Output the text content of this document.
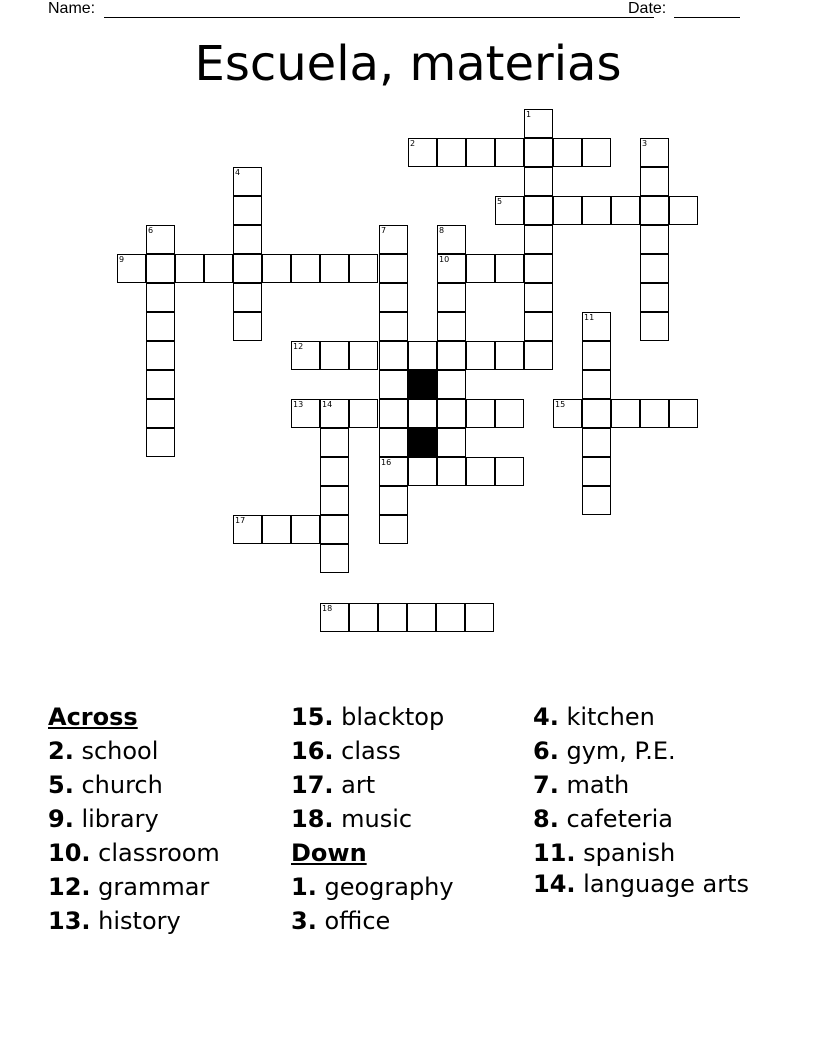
Name:	Date:
Escuela, materias
1
2	3
4
5
6	7
16
8
10
9
11
12
13 14	15
17
18
Across
2. school
5. church
9. library
10. classroom
12. grammar
13. history
15. blacktop
16. class
17. art
18. music
Down
1. geography
3. office
4. kitchen
6. gym, P.E.
7. math
8. cafeteria
11. spanish
14. language arts
